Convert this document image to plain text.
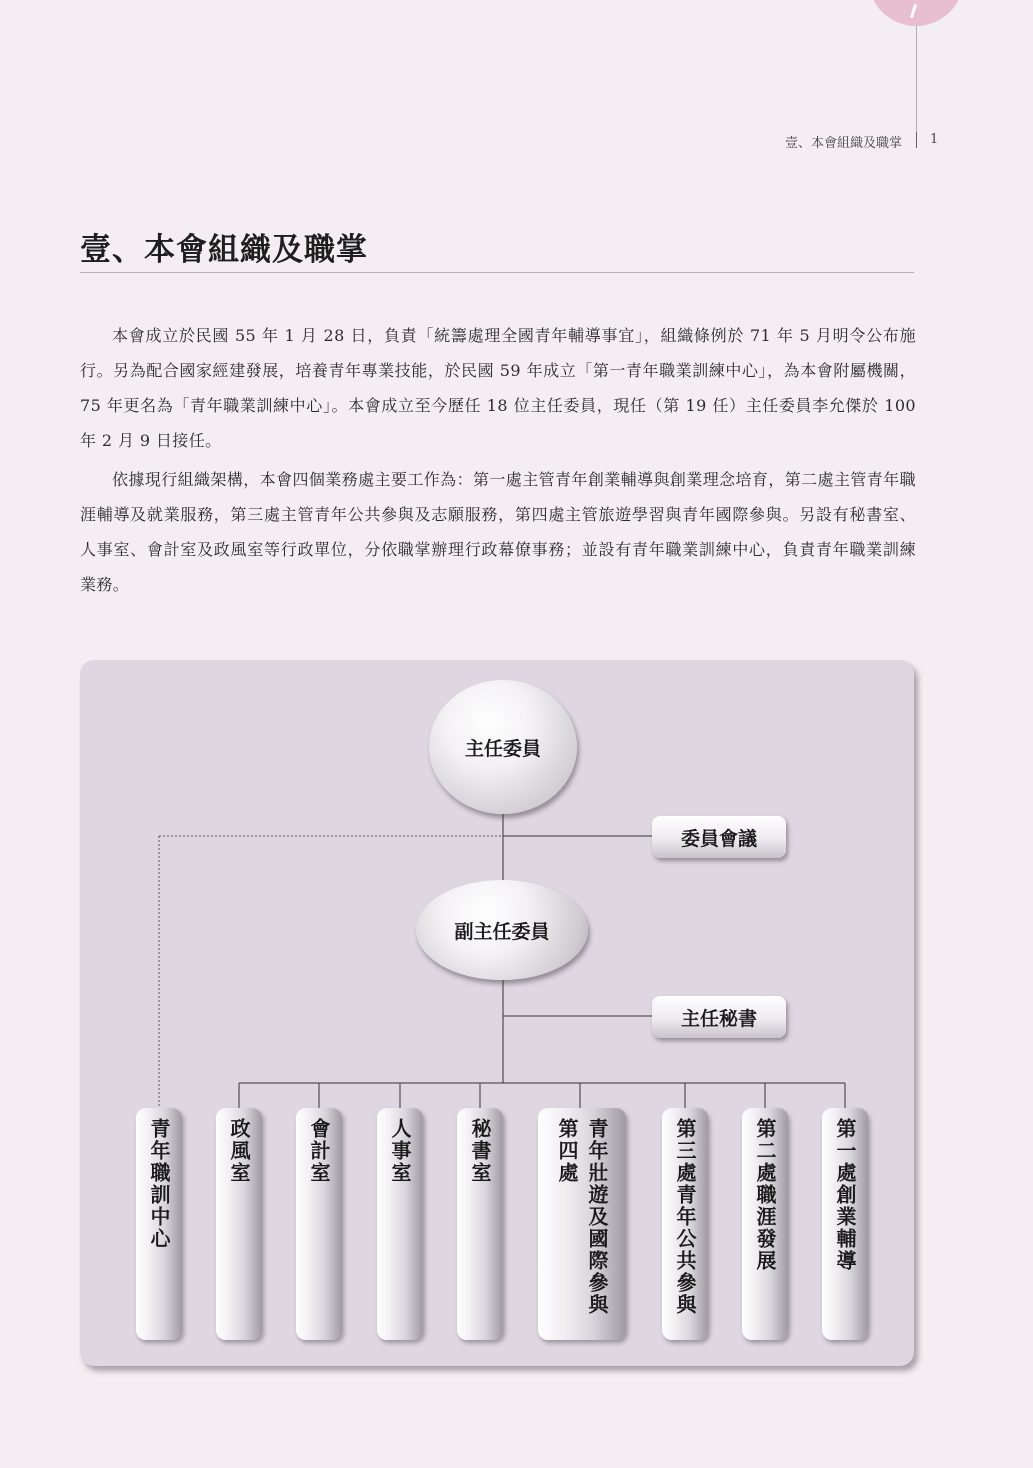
壹、本會組織及職掌 1
壹、本會組織及職掌

本會成立於民國 55 年 1 月 28 日，負責「統籌處理全國青年輔導事宜」，組織條例於 71 年 5 月明令公布施行。另為配合國家經建發展，培養青年專業技能，於民國 59 年成立「第一青年職業訓練中心」，為本會附屬機關，75 年更名為「青年職業訓練中心」。本會成立至今歷任 18 位主任委員，現任（第 19 任）主任委員李允傑於 100 年 2 月 9 日接任。

依據現行組織架構，本會四個業務處主要工作為：第一處主管青年創業輔導與創業理念培育，第二處主管青年職涯輔導及就業服務，第三處主管青年公共參與及志願服務，第四處主管旅遊學習與青年國際參與。另設有秘書室、人事室、會計室及政風室等行政單位，分依職掌辦理行政幕僚事務；並設有青年職業訓練中心，負責青年職業訓練業務。

主任委員
委員會議
副主任委員
主任秘書
青年職訓中心	政風室	會計室	人事室	秘書室	第四處 青年壯遊及國際參與	第三處青年公共參與	第二處職涯發展	第一處創業輔導
